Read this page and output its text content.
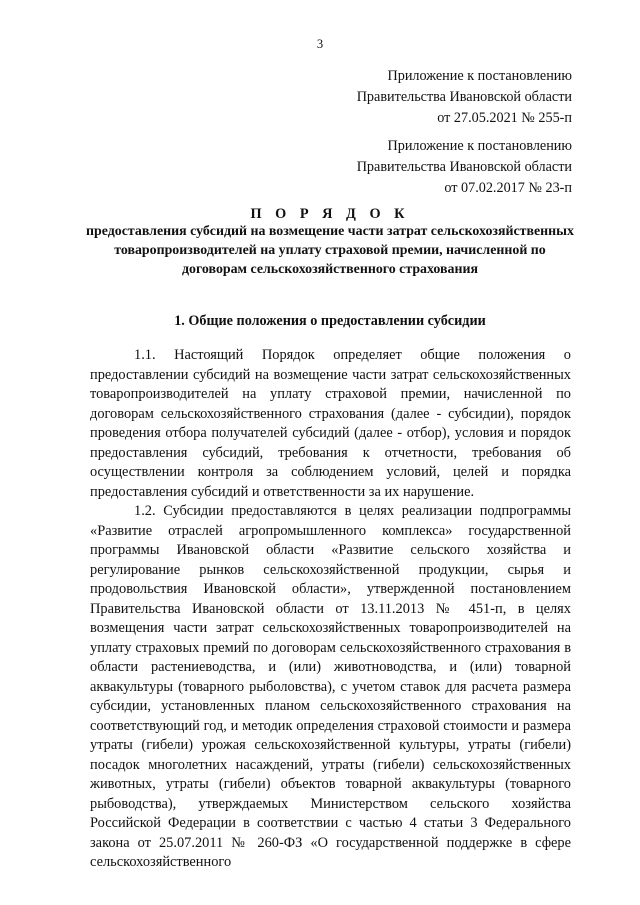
3
Приложение к постановлению
Правительства Ивановской области
от 27.05.2021 № 255-п
Приложение к постановлению
Правительства Ивановской области
от 07.02.2017 № 23-п
П О Р Я Д О К
предоставления субсидий на возмещение части затрат сельскохозяйственных товаропроизводителей на уплату страховой премии, начисленной по договорам сельскохозяйственного страхования
1. Общие положения о предоставлении субсидии

1.1. Настоящий Порядок определяет общие положения о предоставлении субсидий на возмещение части затрат сельскохозяйственных товаропроизводителей на уплату страховой премии, начисленной по договорам сельскохозяйственного страхования (далее - субсидии), порядок проведения отбора получателей субсидий (далее - отбор), условия и порядок предоставления субсидий, требования к отчетности, требования об осуществлении контроля за соблюдением условий, целей и порядка предоставления субсидий и ответственности за их нарушение.

1.2. Субсидии предоставляются в целях реализации подпрограммы «Развитие отраслей агропромышленного комплекса» государственной программы Ивановской области «Развитие сельского хозяйства и регулирование рынков сельскохозяйственной продукции, сырья и продовольствия Ивановской области», утвержденной постановлением Правительства Ивановской области от 13.11.2013 № 451-п, в целях возмещения части затрат сельскохозяйственных товаропроизводителей на уплату страховых премий по договорам сельскохозяйственного страхования в области растениеводства, и (или) животноводства, и (или) товарной аквакультуры (товарного рыболовства), с учетом ставок для расчета размера субсидии, установленных планом сельскохозяйственного страхования на соответствующий год, и методик определения страховой стоимости и размера утраты (гибели) урожая сельскохозяйственной культуры, утраты (гибели) посадок многолетних насаждений, утраты (гибели) сельскохозяйственных животных, утраты (гибели) объектов товарной аквакультуры (товарного рыбоводства), утверждаемых Министерством сельского хозяйства Российской Федерации в соответствии с частью 4 статьи 3 Федерального закона от 25.07.2011 № 260-ФЗ «О государственной поддержке в сфере сельскохозяйственного
